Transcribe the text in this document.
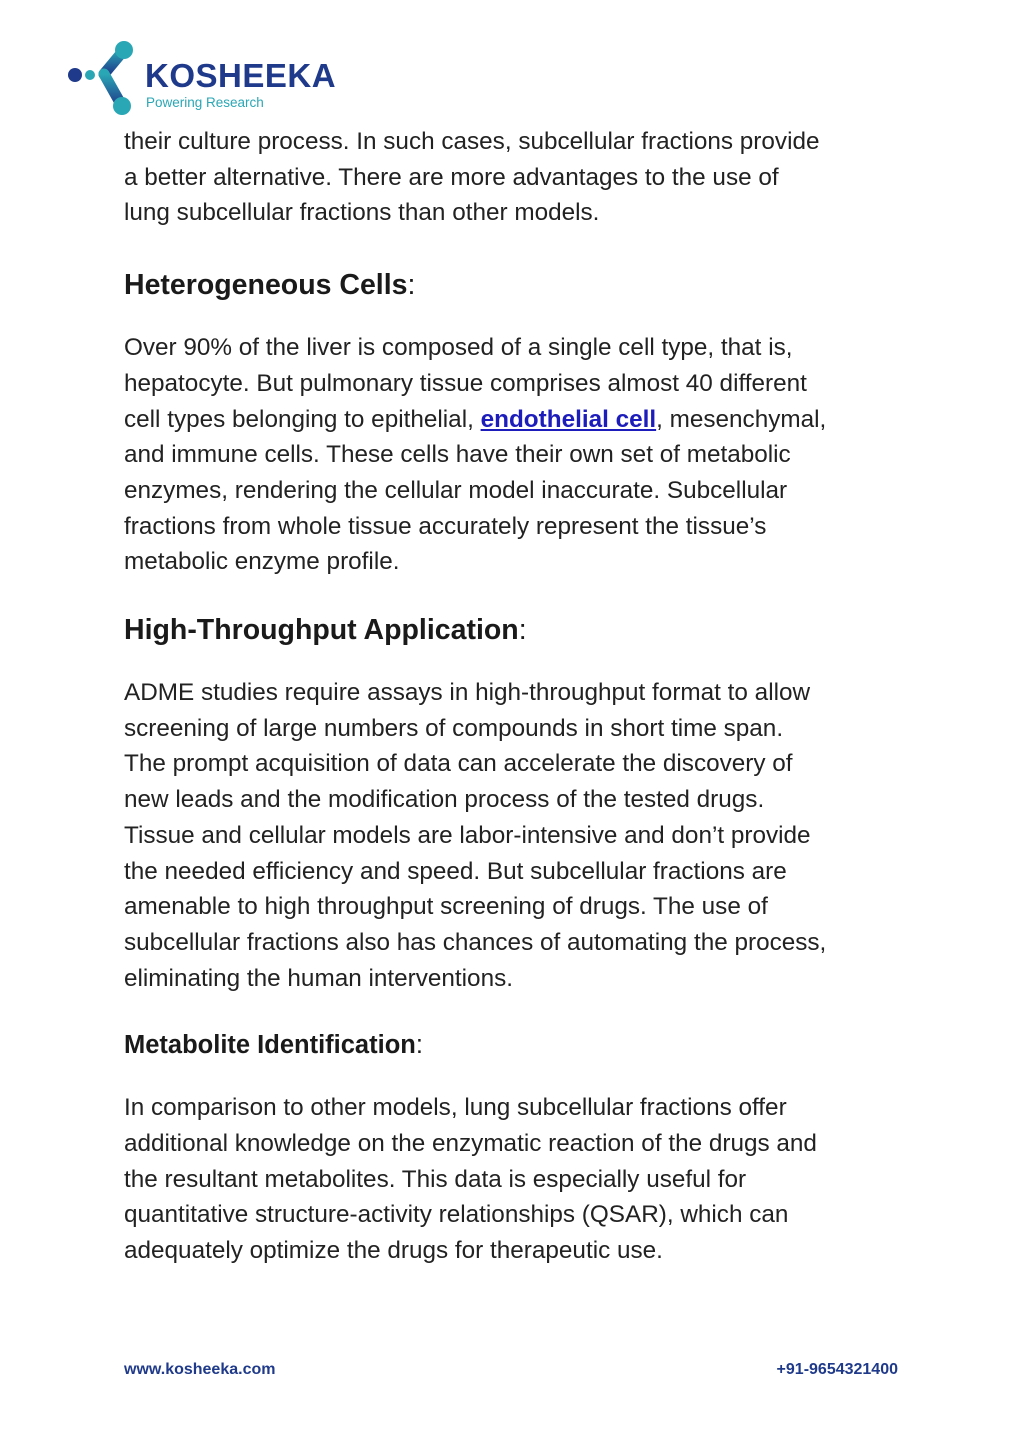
KOSHEEKA
Powering Research

their culture process. In such cases, subcellular fractions provide
a better alternative. There are more advantages to the use of
lung subcellular fractions than other models.

Heterogeneous Cells:

Over 90% of the liver is composed of a single cell type, that is,
hepatocyte. But pulmonary tissue comprises almost 40 different
cell types belonging to epithelial, endothelial cell, mesenchymal,
and immune cells. These cells have their own set of metabolic
enzymes, rendering the cellular model inaccurate. Subcellular
fractions from whole tissue accurately represent the tissue’s
metabolic enzyme profile.

High-Throughput Application:

ADME studies require assays in high-throughput format to allow
screening of large numbers of compounds in short time span.
The prompt acquisition of data can accelerate the discovery of
new leads and the modification process of the tested drugs.
Tissue and cellular models are labor-intensive and don’t provide
the needed efficiency and speed. But subcellular fractions are
amenable to high throughput screening of drugs. The use of
subcellular fractions also has chances of automating the process,
eliminating the human interventions.

Metabolite Identification:

In comparison to other models, lung subcellular fractions offer
additional knowledge on the enzymatic reaction of the drugs and
the resultant metabolites. This data is especially useful for
quantitative structure-activity relationships (QSAR), which can
adequately optimize the drugs for therapeutic use.

www.kosheeka.com	+91-9654321400
